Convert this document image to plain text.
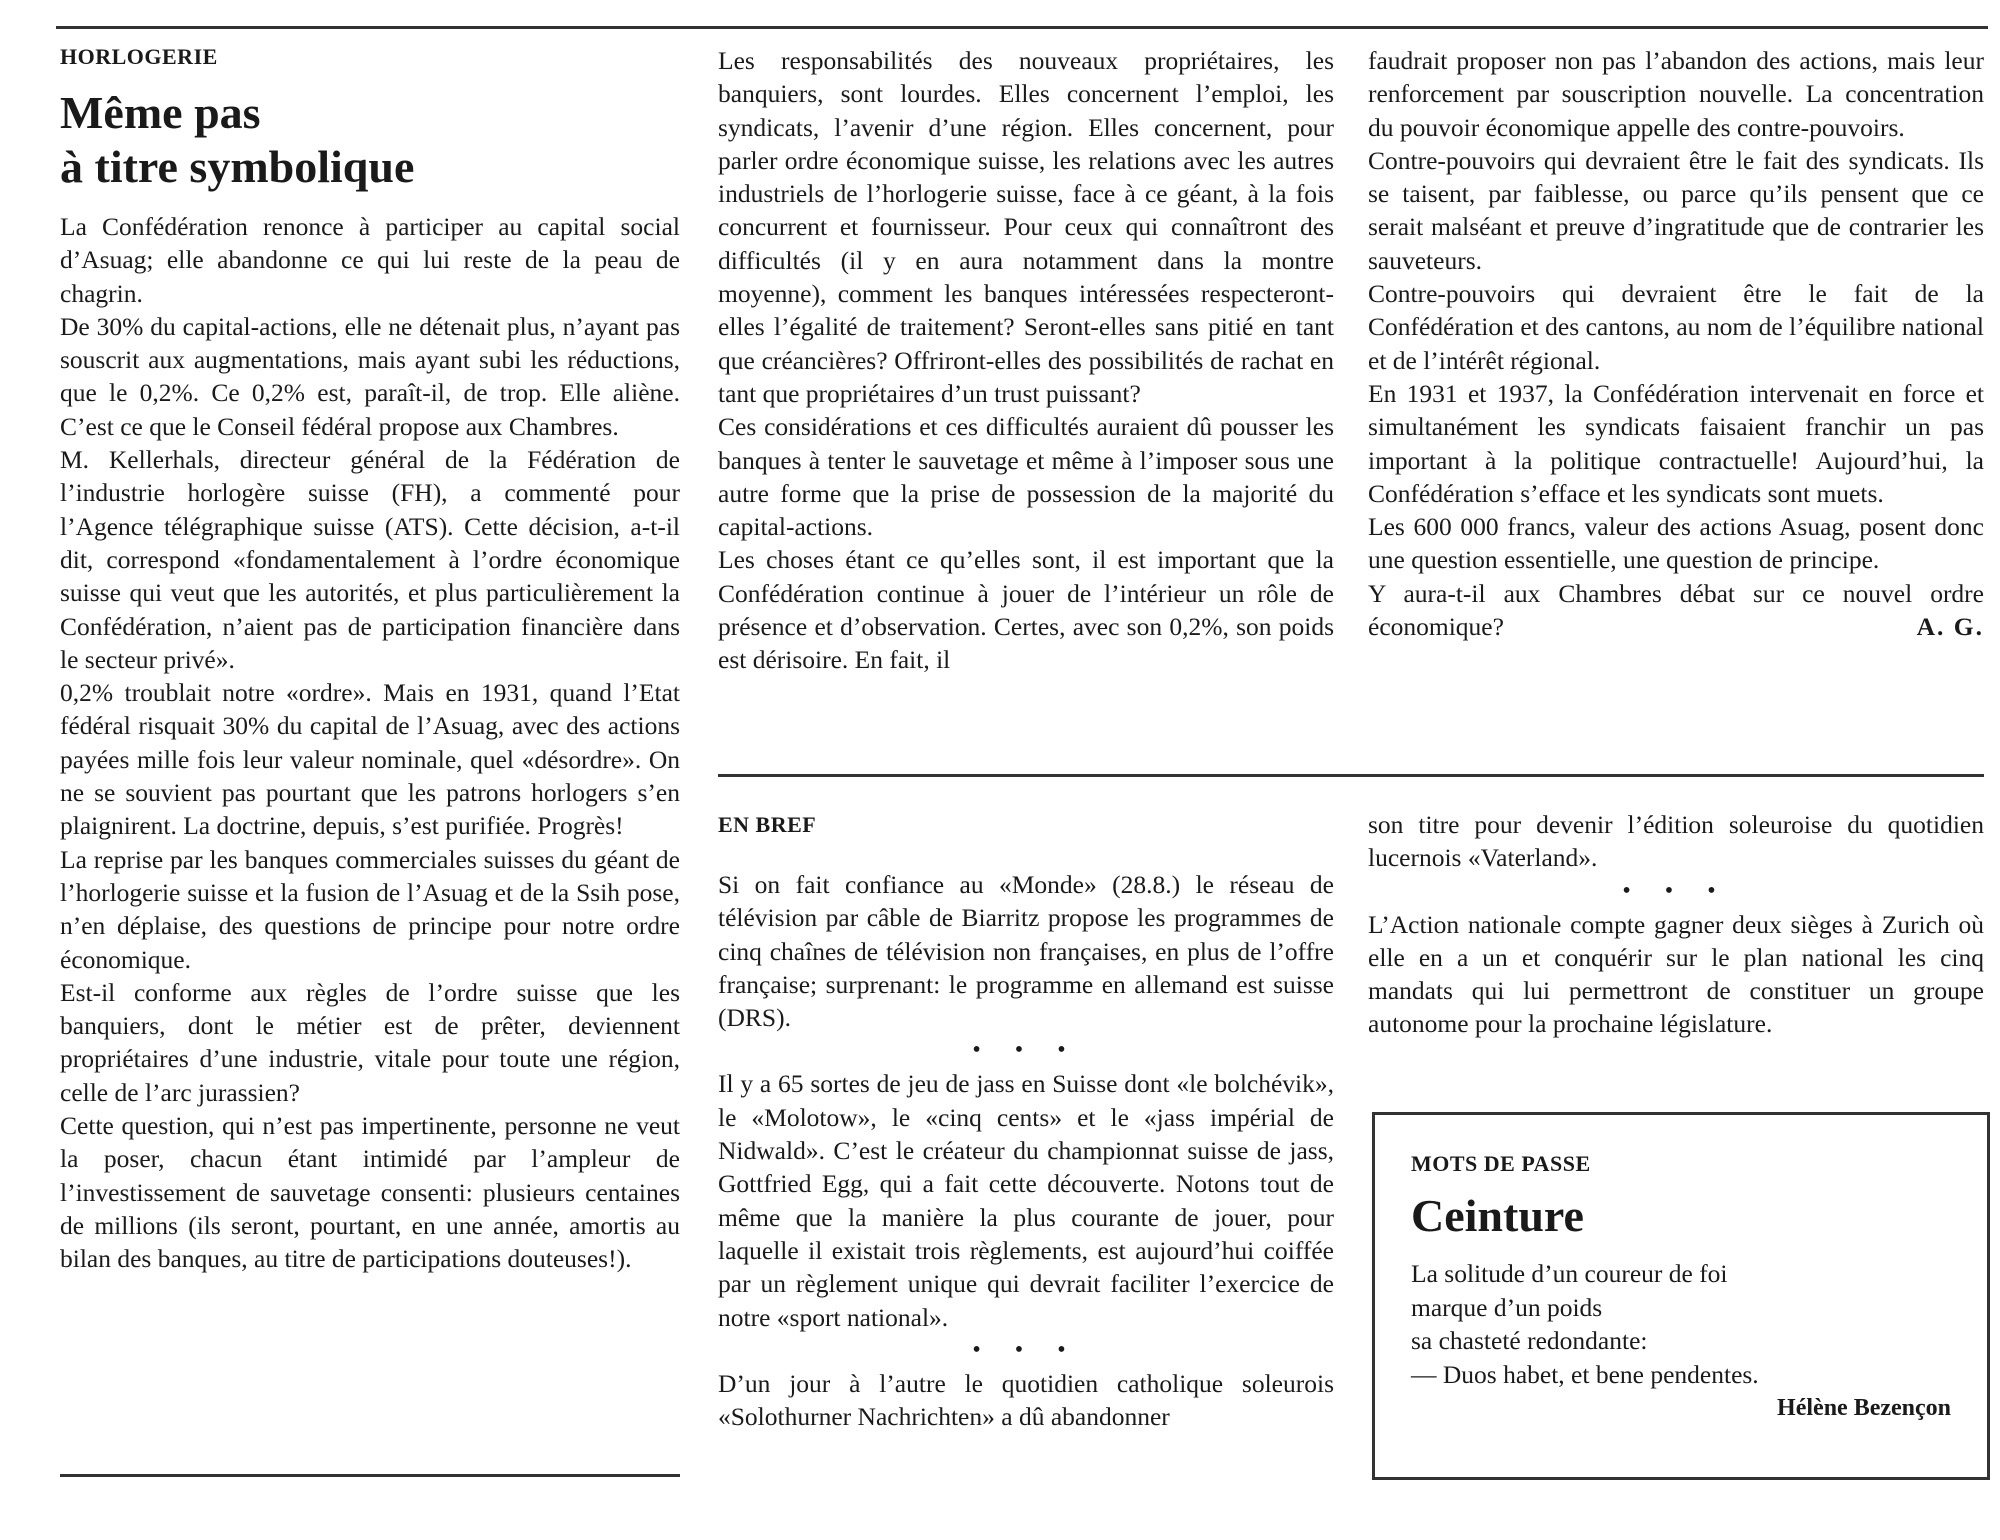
HORLOGERIE

Même pas
à titre symbolique

La Confédération renonce à participer au capital social d’Asuag; elle abandonne ce qui lui reste de la peau de chagrin.

De 30% du capital-actions, elle ne détenait plus, n’ayant pas souscrit aux augmentations, mais ayant subi les réductions, que le 0,2%. Ce 0,2% est, paraît-il, de trop. Elle aliène. C’est ce que le Conseil fédéral propose aux Chambres.

M. Kellerhals, directeur général de la Fédération de l’industrie horlogère suisse (FH), a commenté pour l’Agence télégraphique suisse (ATS). Cette décision, a-t-il dit, correspond «fondamentalement à l’ordre économique suisse qui veut que les autorités, et plus particulièrement la Confédération, n’aient pas de participation financière dans le secteur privé».

0,2% troublait notre «ordre». Mais en 1931, quand l’Etat fédéral risquait 30% du capital de l’Asuag, avec des actions payées mille fois leur valeur nominale, quel «désordre». On ne se souvient pas pourtant que les patrons horlogers s’en plaignirent. La doctrine, depuis, s’est purifiée. Progrès!

La reprise par les banques commerciales suisses du géant de l’horlogerie suisse et la fusion de l’Asuag et de la Ssih pose, n’en déplaise, des questions de principe pour notre ordre économique.

Est-il conforme aux règles de l’ordre suisse que les banquiers, dont le métier est de prêter, deviennent propriétaires d’une industrie, vitale pour toute une région, celle de l’arc jurassien?

Cette question, qui n’est pas impertinente, personne ne veut la poser, chacun étant intimidé par l’ampleur de l’investissement de sauvetage consenti: plusieurs centaines de millions (ils seront, pourtant, en une année, amortis au bilan des banques, au titre de participations douteuses!).

Les responsabilités des nouveaux propriétaires, les banquiers, sont lourdes. Elles concernent l’emploi, les syndicats, l’avenir d’une région. Elles concernent, pour parler ordre économique suisse, les relations avec les autres industriels de l’horlogerie suisse, face à ce géant, à la fois concurrent et fournisseur. Pour ceux qui connaîtront des difficultés (il y en aura notamment dans la montre moyenne), comment les banques intéressées respecteront-elles l’égalité de traitement? Seront-elles sans pitié en tant que créancières? Offriront-elles des possibilités de rachat en tant que propriétaires d’un trust puissant?

Ces considérations et ces difficultés auraient dû pousser les banques à tenter le sauvetage et même à l’imposer sous une autre forme que la prise de possession de la majorité du capital-actions.

Les choses étant ce qu’elles sont, il est important que la Confédération continue à jouer de l’intérieur un rôle de présence et d’observation. Certes, avec son 0,2%, son poids est dérisoire. En fait, il

faudrait proposer non pas l’abandon des actions, mais leur renforcement par souscription nouvelle. La concentration du pouvoir économique appelle des contre-pouvoirs.

Contre-pouvoirs qui devraient être le fait des syndicats. Ils se taisent, par faiblesse, ou parce qu’ils pensent que ce serait malséant et preuve d’ingratitude que de contrarier les sauveteurs.

Contre-pouvoirs qui devraient être le fait de la Confédération et des cantons, au nom de l’équilibre national et de l’intérêt régional.

En 1931 et 1937, la Confédération intervenait en force et simultanément les syndicats faisaient franchir un pas important à la politique contractuelle! Aujourd’hui, la Confédération s’efface et les syndicats sont muets.

Les 600 000 francs, valeur des actions Asuag, posent donc une question essentielle, une question de principe.

Y aura-t-il aux Chambres débat sur ce nouvel ordre économique?	A. G.

EN BREF

Si on fait confiance au «Monde» (28.8.) le réseau de télévision par câble de Biarritz propose les programmes de cinq chaînes de télévision non françaises, en plus de l’offre française; surprenant: le programme en allemand est suisse (DRS).

• • •

Il y a 65 sortes de jeu de jass en Suisse dont «le bolchévik», le «Molotow», le «cinq cents» et le «jass impérial de Nidwald». C’est le créateur du championnat suisse de jass, Gottfried Egg, qui a fait cette découverte. Notons tout de même que la manière la plus courante de jouer, pour laquelle il existait trois règlements, est aujourd’hui coiffée par un règlement unique qui devrait faciliter l’exercice de notre «sport national».

• • •

D’un jour à l’autre le quotidien catholique soleurois «Solothurner Nachrichten» a dû abandonner

son titre pour devenir l’édition soleuroise du quotidien lucernois «Vaterland».

• • •

L’Action nationale compte gagner deux sièges à Zurich où elle en a un et conquérir sur le plan national les cinq mandats qui lui permettront de constituer un groupe autonome pour la prochaine législature.

MOTS DE PASSE

Ceinture

La solitude d’un coureur de foi

marque d’un poids

sa chasteté redondante:

— Duos habet, et bene pendentes.

Hélène Bezençon
